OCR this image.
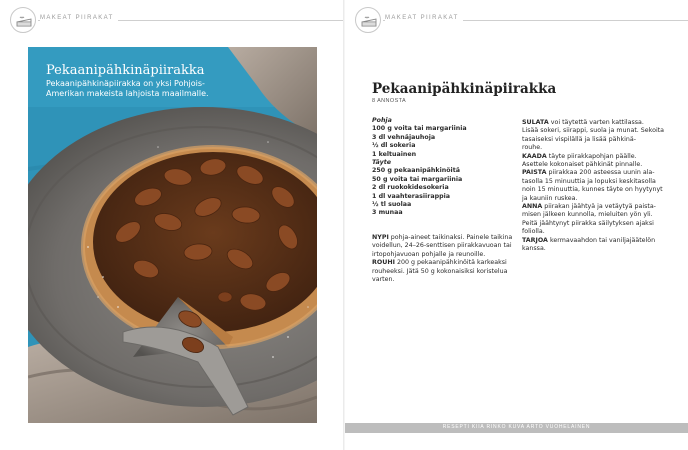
MAKEAT PIIRAKAT
Pekaanipähkinäpiirakka
Pekaanipähkinäpiirakka on yksi Pohjois-
Amerikan makeista lahjoista maailmalle.
MAKEAT PIIRAKAT
Pekaanipähkinäpiirakka
8 ANNOSTA
Pohja
100 g voita tai margariinia
3 dl vehnäjauhoja
½ dl sokeria
1 keltuainen
Täyte
250 g pekaanipähkinöitä
50 g voita tai margariinia
2 dl ruokokidesokeria
1 dl vaahterasiirappia
½ tl suolaa
3 munaa
NYPI pohja-aineet taikinaksi. Painele taikina
voidellun, 24–26-senttisen piirakkavuoan tai
irtopohjavuoan pohjalle ja reunoille.
ROUHI 200 g pekaanipähkinöitä karkeaksi
rouheeksi. Jätä 50 g kokonaisiksi koristelua
varten.
SULATA voi täytettä varten kattilassa.
Lisää sokeri, siirappi, suola ja munat. Sekoita
tasaiseksi vispilällä ja lisää pähkinä-
rouhe.
KAADA täyte piirakkapohjan päälle.
Asettele kokonaiset pähkinät pinnalle.
PAISTA piirakkaa 200 asteessa uunin ala-
tasolla 15 minuuttia ja lopuksi keskitasolla
noin 15 minuuttia, kunnes täyte on hyytynyt
ja kauniin ruskea.
ANNA piirakan jäähtyä ja vetäytyä paista-
misen jälkeen kunnolla, mieluiten yön yli.
Peitä jäähtynyt piirakka säilytyksen ajaksi
foliolla.
TARJOA kermavaahdon tai vaniljajäätelön
kanssa.
RESEPTI KIIA RINKO KUVA ARTO VUOHELAINEN
